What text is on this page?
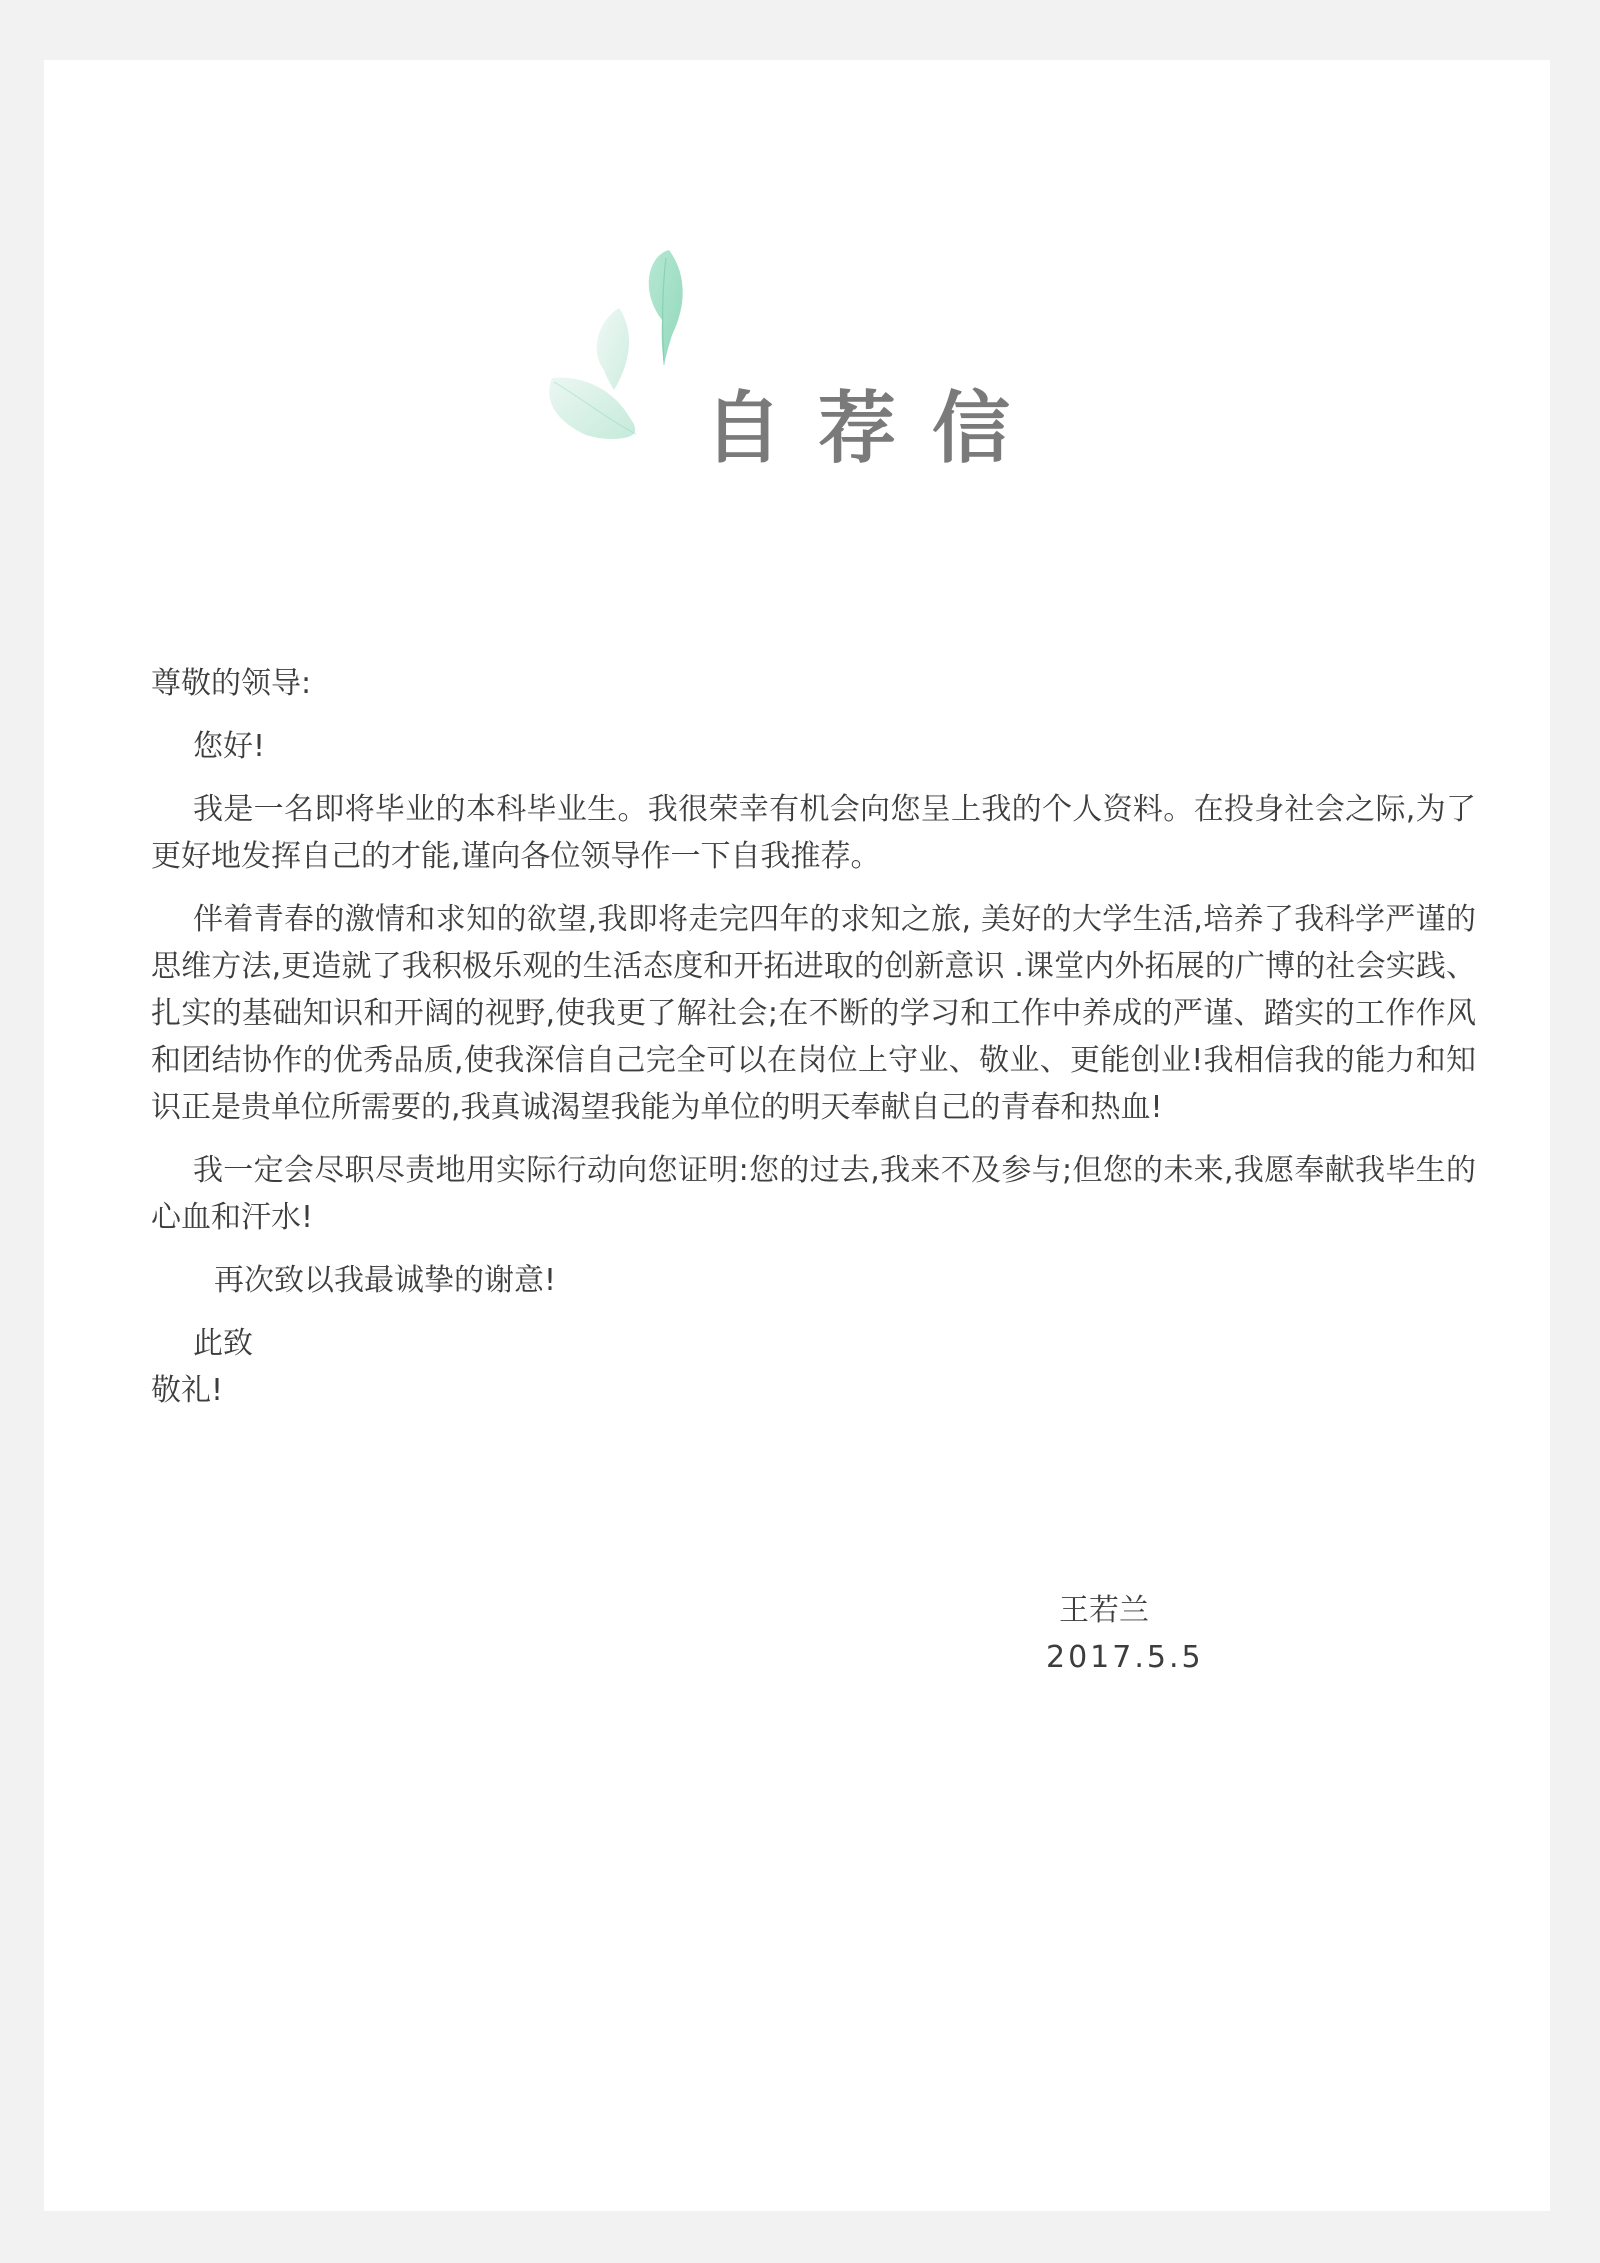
自荐信

尊敬的领导:

您好!

我是一名即将毕业的本科毕业生。我很荣幸有机会向您呈上我的个人资料。在投身社会之际,为了更好地发挥自己的才能,谨向各位领导作一下自我推荐。

伴着青春的激情和求知的欲望,我即将走完四年的求知之旅, 美好的大学生活,培养了我科学严谨的思维方法,更造就了我积极乐观的生活态度和开拓进取的创新意识 .课堂内外拓展的广博的社会实践、扎实的基础知识和开阔的视野,使我更了解社会;在不断的学习和工作中养成的严谨、踏实的工作作风和团结协作的优秀品质,使我深信自己完全可以在岗位上守业、敬业、更能创业!我相信我的能力和知识正是贵单位所需要的,我真诚渴望我能为单位的明天奉献自己的青春和热血!

我一定会尽职尽责地用实际行动向您证明:您的过去,我来不及参与;但您的未来,我愿奉献我毕生的心血和汗水!

再次致以我最诚挚的谢意!

此致

敬礼!

王若兰
2017.5.5
